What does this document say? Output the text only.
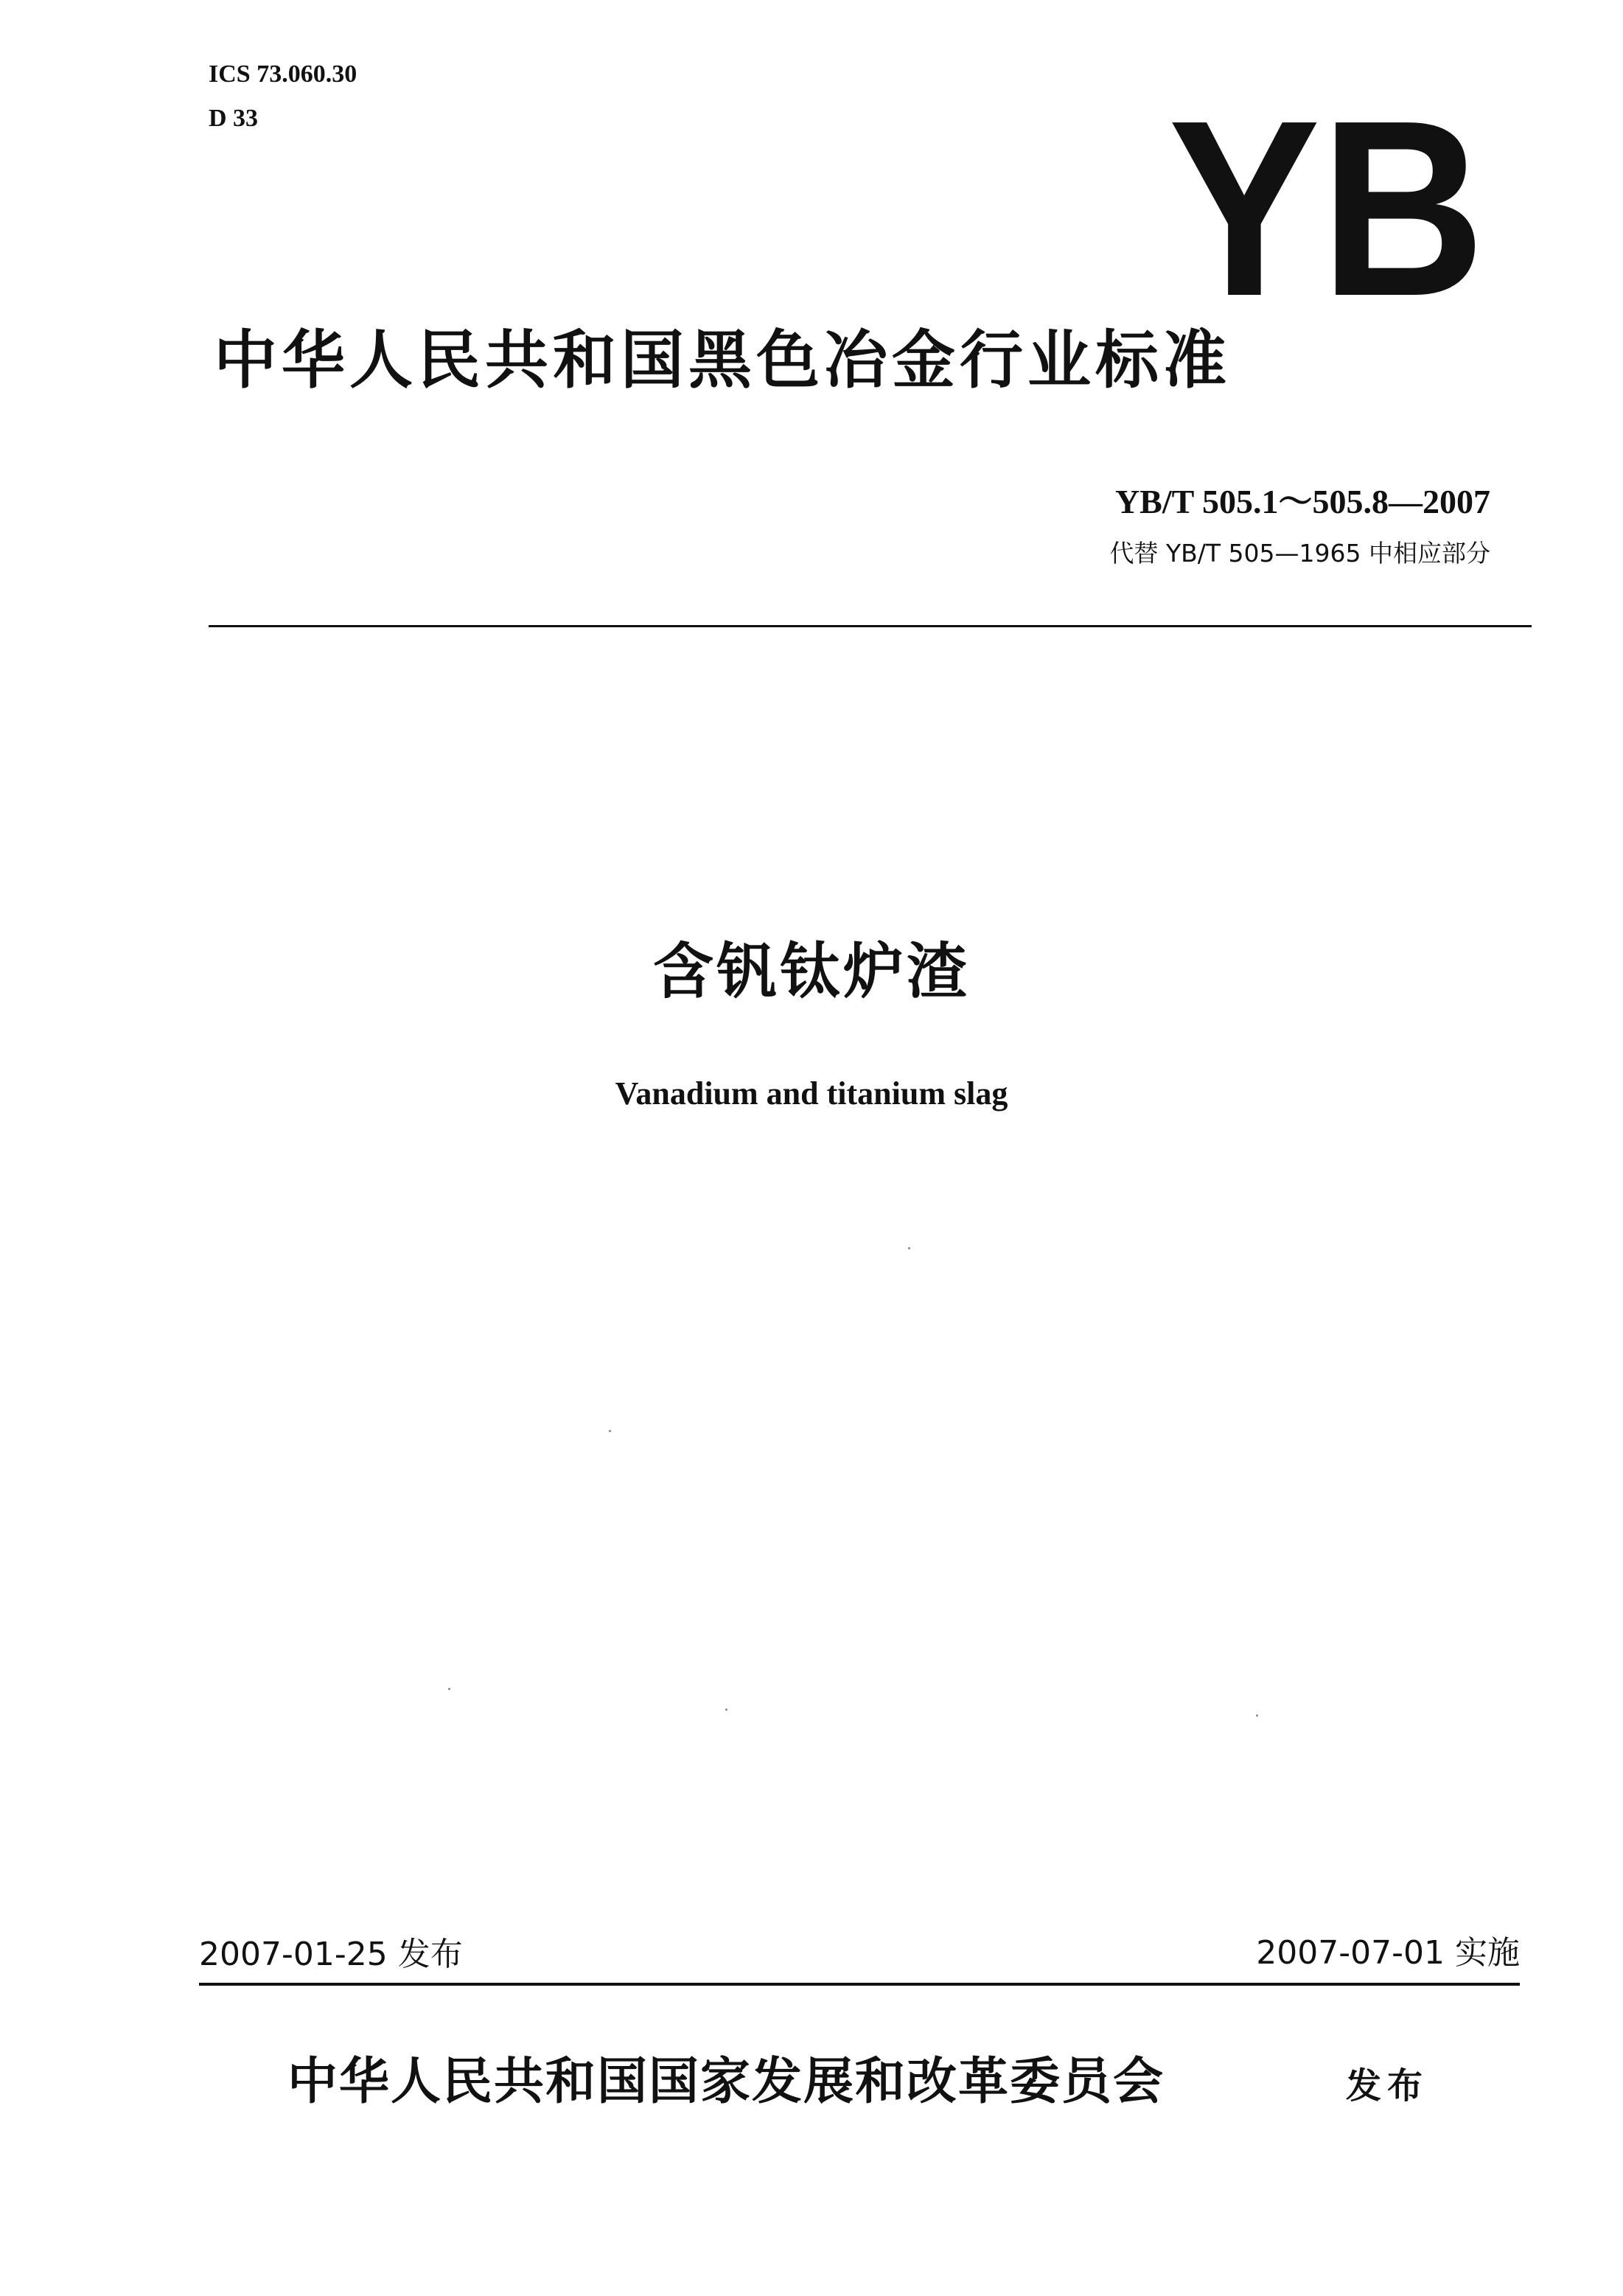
ICS 73.060.30
D 33	YB
中华人民共和国黑色冶金行业标准
YB/T 505.1～505.8—2007
代替 YB/T 505—1965 中相应部分
含钒钛炉渣
Vanadium and titanium slag
2007-01-25 发布	2007-07-01 实施
中华人民共和国国家发展和改革委员会	发布
